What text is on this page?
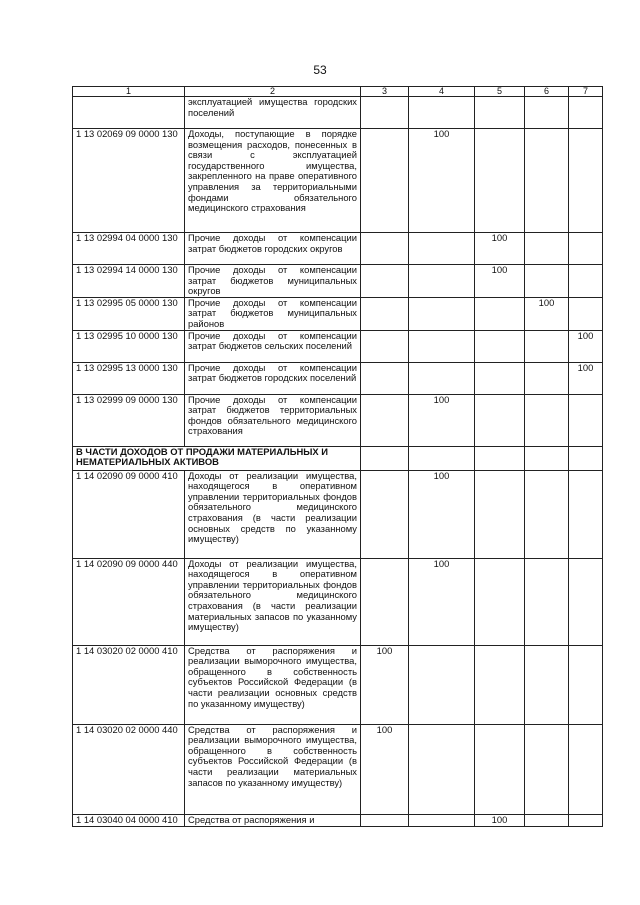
53
1	2	3	4	5	6	7
	эксплуатацией имущества городских поселений					
1 13 02069 09 0000 130	Доходы, поступающие в порядке возмещения расходов, понесенных в связи с эксплуатацией государственного имущества, закрепленного на праве оперативного управления за территориальными фондами обязательного медицинского страхования		100			
1 13 02994 04 0000 130	Прочие доходы от компенсации затрат бюджетов городских округов			100		
1 13 02994 14 0000 130	Прочие доходы от компенсации затрат бюджетов муниципальных округов			100		
1 13 02995 05 0000 130	Прочие доходы от компенсации затрат бюджетов муниципальных районов				100	
1 13 02995 10 0000 130	Прочие доходы от компенсации затрат бюджетов сельских поселений					100
1 13 02995 13 0000 130	Прочие доходы от компенсации затрат бюджетов городских поселений					100
1 13 02999 09 0000 130	Прочие доходы от компенсации затрат бюджетов территориальных фондов обязательного медицинского страхования		100			
В ЧАСТИ ДОХОДОВ ОТ ПРОДАЖИ МАТЕРИАЛЬНЫХ И НЕМАТЕРИАЛЬНЫХ АКТИВОВ						
1 14 02090 09 0000 410	Доходы от реализации имущества, находящегося в оперативном управлении территориальных фондов обязательного медицинского страхования (в части реализации основных средств по указанному имуществу)		100			
1 14 02090 09 0000 440	Доходы от реализации имущества, находящегося в оперативном управлении территориальных фондов обязательного медицинского страхования (в части реализации материальных запасов по указанному имуществу)		100			
1 14 03020 02 0000 410	Средства от распоряжения и реализации выморочного имущества, обращенного в собственность субъектов Российской Федерации (в части реализации основных средств по указанному имуществу)	100				
1 14 03020 02 0000 440	Средства от распоряжения и реализации выморочного имущества, обращенного в собственность субъектов Российской Федерации (в части реализации материальных запасов по указанному имуществу)	100				
1 14 03040 04 0000 410	Средства от распоряжения и			100		
